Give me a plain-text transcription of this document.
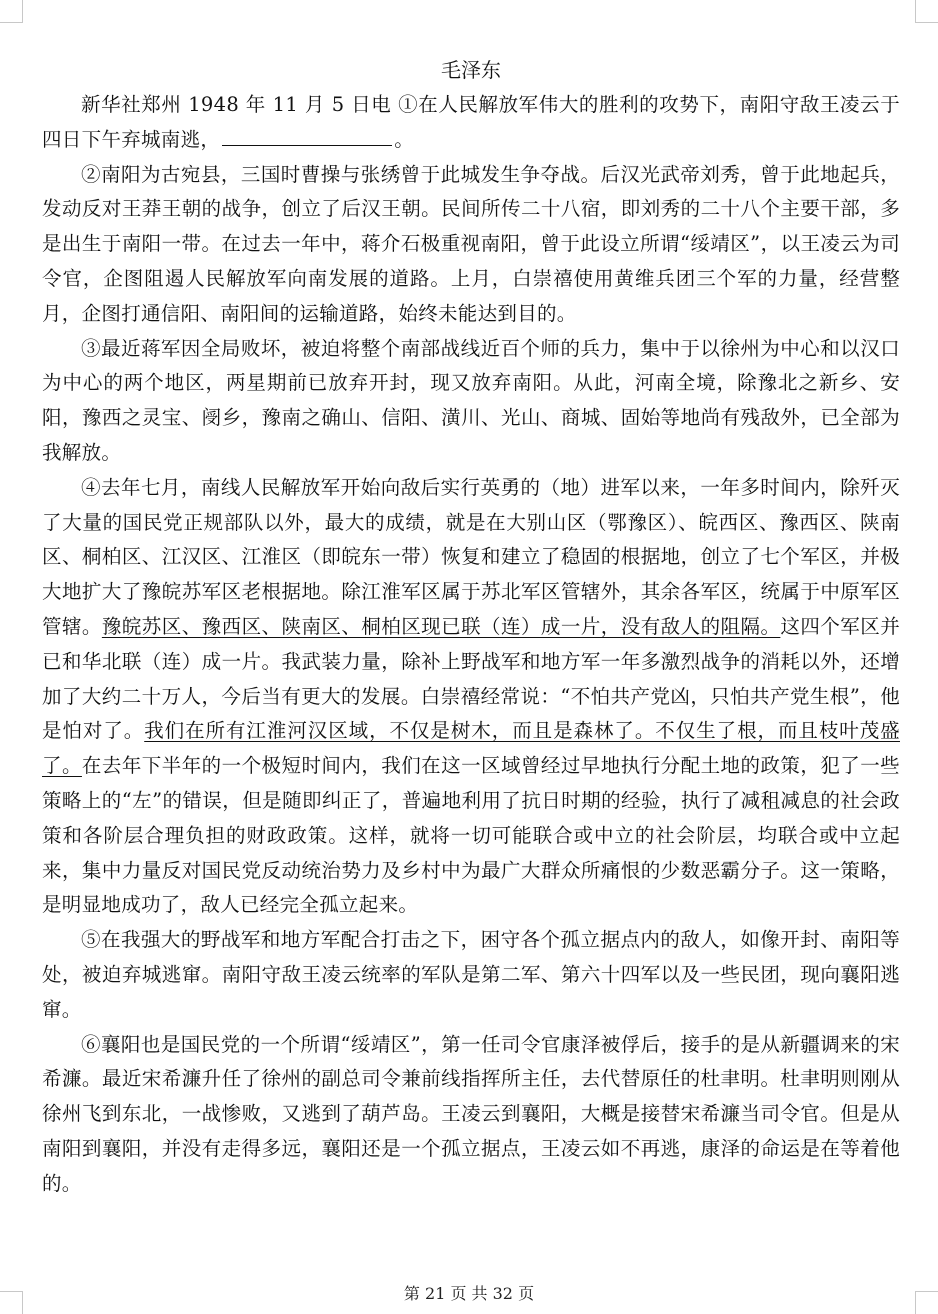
毛泽东

新华社郑州 1948 年 11 月 5 日电 ①在人民解放军伟大的胜利的攻势下，南阳守敌王凌云于四日下午弃城南逃，	。

②南阳为古宛县，三国时曹操与张绣曾于此城发生争夺战。后汉光武帝刘秀，曾于此地起兵，发动反对王莽王朝的战争，创立了后汉王朝。民间所传二十八宿，即刘秀的二十八个主要干部，多是出生于南阳一带。在过去一年中，蒋介石极重视南阳，曾于此设立所谓“绥靖区”，以王凌云为司令官，企图阻遏人民解放军向南发展的道路。上月，白崇禧使用黄维兵团三个军的力量，经营整月，企图打通信阳、南阳间的运输道路，始终未能达到目的。

③最近蒋军因全局败坏，被迫将整个南部战线近百个师的兵力，集中于以徐州为中心和以汉口为中心的两个地区，两星期前已放弃开封，现又放弃南阳。从此，河南全境，除豫北之新乡、安阳，豫西之灵宝、阌乡，豫南之确山、信阳、潢川、光山、商城、固始等地尚有残敌外，已全部为我解放。

④去年七月，南线人民解放军开始向敌后实行英勇的（地）进军以来，一年多时间内，除歼灭了大量的国民党正规部队以外，最大的成绩，就是在大别山区（鄂豫区）、皖西区、豫西区、陕南区、桐柏区、江汉区、江淮区（即皖东一带）恢复和建立了稳固的根据地，创立了七个军区，并极大地扩大了豫皖苏军区老根据地。除江淮军区属于苏北军区管辖外，其余各军区，统属于中原军区管辖。豫皖苏区、豫西区、陕南区、桐柏区现已联（连）成一片，没有敌人的阻隔。这四个军区并已和华北联（连）成一片。我武装力量，除补上野战军和地方军一年多激烈战争的消耗以外，还增加了大约二十万人，今后当有更大的发展。白崇禧经常说：“不怕共产党凶，只怕共产党生根”，他是怕对了。我们在所有江淮河汉区域，不仅是树木，而且是森林了。不仅生了根，而且枝叶茂盛了。在去年下半年的一个极短时间内，我们在这一区域曾经过早地执行分配土地的政策，犯了一些策略上的“左”的错误，但是随即纠正了，普遍地利用了抗日时期的经验，执行了减租减息的社会政策和各阶层合理负担的财政政策。这样，就将一切可能联合或中立的社会阶层，均联合或中立起来，集中力量反对国民党反动统治势力及乡村中为最广大群众所痛恨的少数恶霸分子。这一策略，是明显地成功了，敌人已经完全孤立起来。

⑤在我强大的野战军和地方军配合打击之下，困守各个孤立据点内的敌人，如像开封、南阳等处，被迫弃城逃窜。南阳守敌王凌云统率的军队是第二军、第六十四军以及一些民团，现向襄阳逃窜。

⑥襄阳也是国民党的一个所谓“绥靖区”，第一任司令官康泽被俘后，接手的是从新疆调来的宋希濂。最近宋希濂升任了徐州的副总司令兼前线指挥所主任，去代替原任的杜聿明。杜聿明则刚从徐州飞到东北，一战惨败，又逃到了葫芦岛。王凌云到襄阳，大概是接替宋希濂当司令官。但是从南阳到襄阳，并没有走得多远，襄阳还是一个孤立据点，王凌云如不再逃，康泽的命运是在等着他的。

第 21 页 共 32 页
